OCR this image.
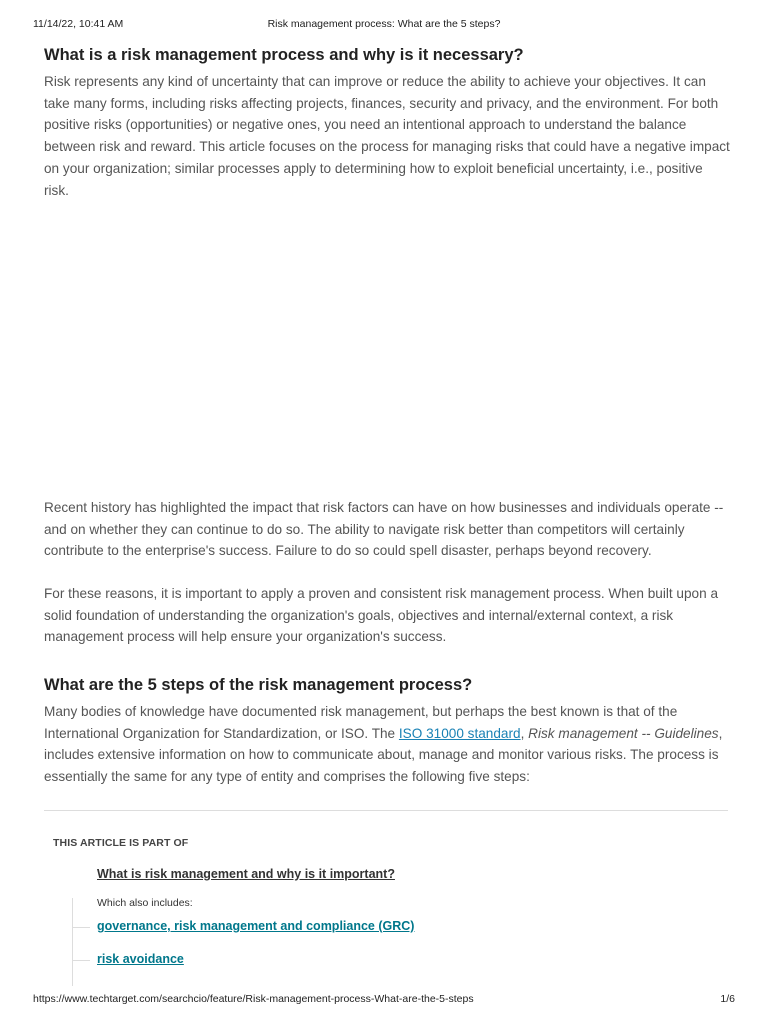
11/14/22, 10:41 AM	Risk management process: What are the 5 steps?
What is a risk management process and why is it necessary?

Risk represents any kind of uncertainty that can improve or reduce the ability to achieve your objectives. It can take many forms, including risks affecting projects, finances, security and privacy, and the environment. For both positive risks (opportunities) or negative ones, you need an intentional approach to understand the balance between risk and reward. This article focuses on the process for managing risks that could have a negative impact on your organization; similar processes apply to determining how to exploit beneficial uncertainty, i.e., positive risk.

Recent history has highlighted the impact that risk factors can have on how businesses and individuals operate -- and on whether they can continue to do so. The ability to navigate risk better than competitors will certainly contribute to the enterprise's success. Failure to do so could spell disaster, perhaps beyond recovery.

For these reasons, it is important to apply a proven and consistent risk management process. When built upon a solid foundation of understanding the organization's goals, objectives and internal/external context, a risk management process will help ensure your organization's success.

What are the 5 steps of the risk management process?

Many bodies of knowledge have documented risk management, but perhaps the best known is that of the International Organization for Standardization, or ISO. The ISO 31000 standard, Risk management -- Guidelines, includes extensive information on how to communicate about, manage and monitor various risks. The process is essentially the same for any type of entity and comprises the following five steps:

THIS ARTICLE IS PART OF
What is risk management and why is it important?
Which also includes:
governance, risk management and compliance (GRC)
risk avoidance
https://www.techtarget.com/searchcio/feature/Risk-management-process-What-are-the-5-steps	1/6
